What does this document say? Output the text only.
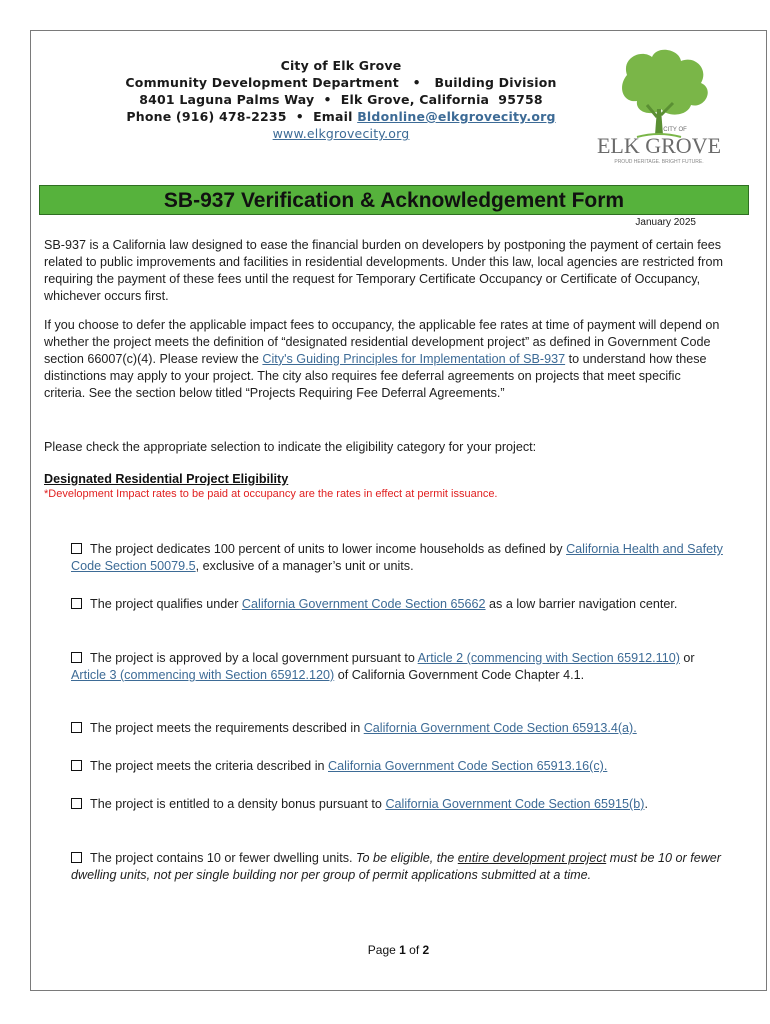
City of Elk Grove
Community Development Department   •   Building Division
8401 Laguna Palms Way  •  Elk Grove, California  95758
Phone (916) 478-2235  •  Email Bldonline@elkgrovecity.org
www.elkgrovecity.org	CITY OF
ELK GROVE
PROUD HERITAGE. BRIGHT FUTURE.
SB-937 Verification & Acknowledgement Form
January 2025
SB-937 is a California law designed to ease the financial burden on developers by postponing the payment of certain fees related to public improvements and facilities in residential developments. Under this law, local agencies are restricted from requiring the payment of these fees until the request for Temporary Certificate Occupancy or Certificate of Occupancy, whichever occurs first.
If you choose to defer the applicable impact fees to occupancy, the applicable fee rates at time of payment will depend on whether the project meets the definition of “designated residential development project” as defined in Government Code section 66007(c)(4). Please review the City's Guiding Principles for Implementation of SB-937 to understand how these distinctions may apply to your project. The city also requires fee deferral agreements on projects that meet specific criteria. See the section below titled “Projects Requiring Fee Deferral Agreements.”
Please check the appropriate selection to indicate the eligibility category for your project:
Designated Residential Project Eligibility
*Development Impact rates to be paid at occupancy are the rates in effect at permit issuance.
The project dedicates 100 percent of units to lower income households as defined by California Health and Safety Code Section 50079.5, exclusive of a manager’s unit or units.
The project qualifies under California Government Code Section 65662 as a low barrier navigation center.
The project is approved by a local government pursuant to Article 2 (commencing with Section 65912.110) or Article 3 (commencing with Section 65912.120) of California Government Code Chapter 4.1.
The project meets the requirements described in California Government Code Section 65913.4(a).
The project meets the criteria described in California Government Code Section 65913.16(c).
The project is entitled to a density bonus pursuant to California Government Code Section 65915(b).
The project contains 10 or fewer dwelling units. To be eligible, the entire development project must be 10 or fewer dwelling units, not per single building nor per group of permit applications submitted at a time.
Page 1 of 2
